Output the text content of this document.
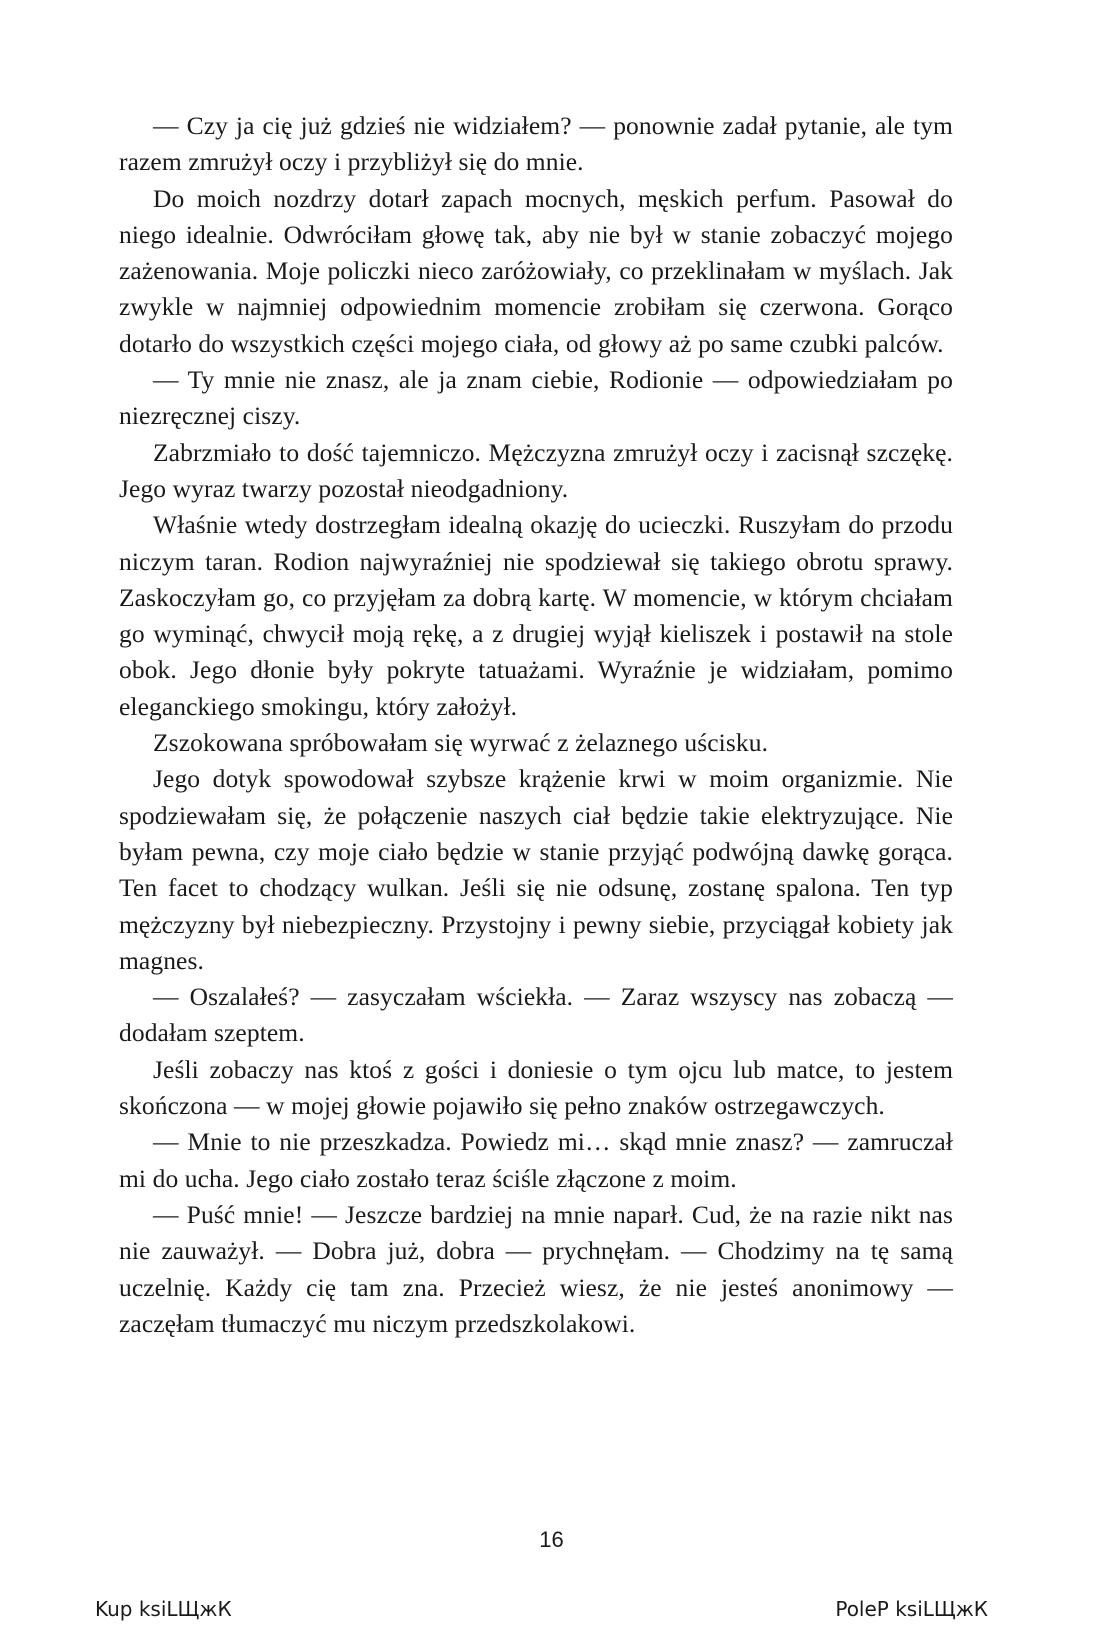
— Czy ja cię już gdzieś nie widziałem? — ponownie zadał pytanie, ale tym razem zmrużył oczy i przybliżył się do mnie.

Do moich nozdrzy dotarł zapach mocnych, męskich perfum. Pasował do niego idealnie. Odwróciłam głowę tak, aby nie był w stanie zobaczyć mojego zażenowania. Moje policzki nieco zaróżowiały, co przeklinałam w myślach. Jak zwykle w najmniej odpowiednim momencie zrobiłam się czerwona. Gorąco dotarło do wszystkich części mojego ciała, od głowy aż po same czubki palców.

— Ty mnie nie znasz, ale ja znam ciebie, Rodionie — odpowiedziałam po niezręcznej ciszy.

Zabrzmiało to dość tajemniczo. Mężczyzna zmrużył oczy i zacisnął szczękę. Jego wyraz twarzy pozostał nieodgadniony.

Właśnie wtedy dostrzegłam idealną okazję do ucieczki. Ruszyłam do przodu niczym taran. Rodion najwyraźniej nie spodziewał się takiego obrotu sprawy. Zaskoczyłam go, co przyjęłam za dobrą kartę. W momencie, w którym chciałam go wyminąć, chwycił moją rękę, a z drugiej wyjął kieliszek i postawił na stole obok. Jego dłonie były pokryte tatuażami. Wyraźnie je widziałam, pomimo eleganckiego smokingu, który założył.

Zszokowana spróbowałam się wyrwać z żelaznego uścisku.

Jego dotyk spowodował szybsze krążenie krwi w moim organizmie. Nie spodziewałam się, że połączenie naszych ciał będzie takie elektryzujące. Nie byłam pewna, czy moje ciało będzie w stanie przyjąć podwójną dawkę gorąca. Ten facet to chodzący wulkan. Jeśli się nie odsunę, zostanę spalona. Ten typ mężczyzny był niebezpieczny. Przystojny i pewny siebie, przyciągał kobiety jak magnes.

— Oszalałeś? — zasyczałam wściekła. — Zaraz wszyscy nas zobaczą — dodałam szeptem.

Jeśli zobaczy nas ktoś z gości i doniesie o tym ojcu lub matce, to jestem skończona — w mojej głowie pojawiło się pełno znaków ostrzegawczych.

— Mnie to nie przeszkadza. Powiedz mi… skąd mnie znasz? — zamruczał mi do ucha. Jego ciało zostało teraz ściśle złączone z moim.

— Puść mnie! — Jeszcze bardziej na mnie naparł. Cud, że na razie nikt nas nie zauważył. — Dobra już, dobra — prychnęłam. — Chodzimy na tę samą uczelnię. Każdy cię tam zna. Przecież wiesz, że nie jesteś anonimowy — zaczęłam tłumaczyć mu niczym przedszkolakowi.

16
Kup ksiLЩжК	PoleP ksiLЩжК
